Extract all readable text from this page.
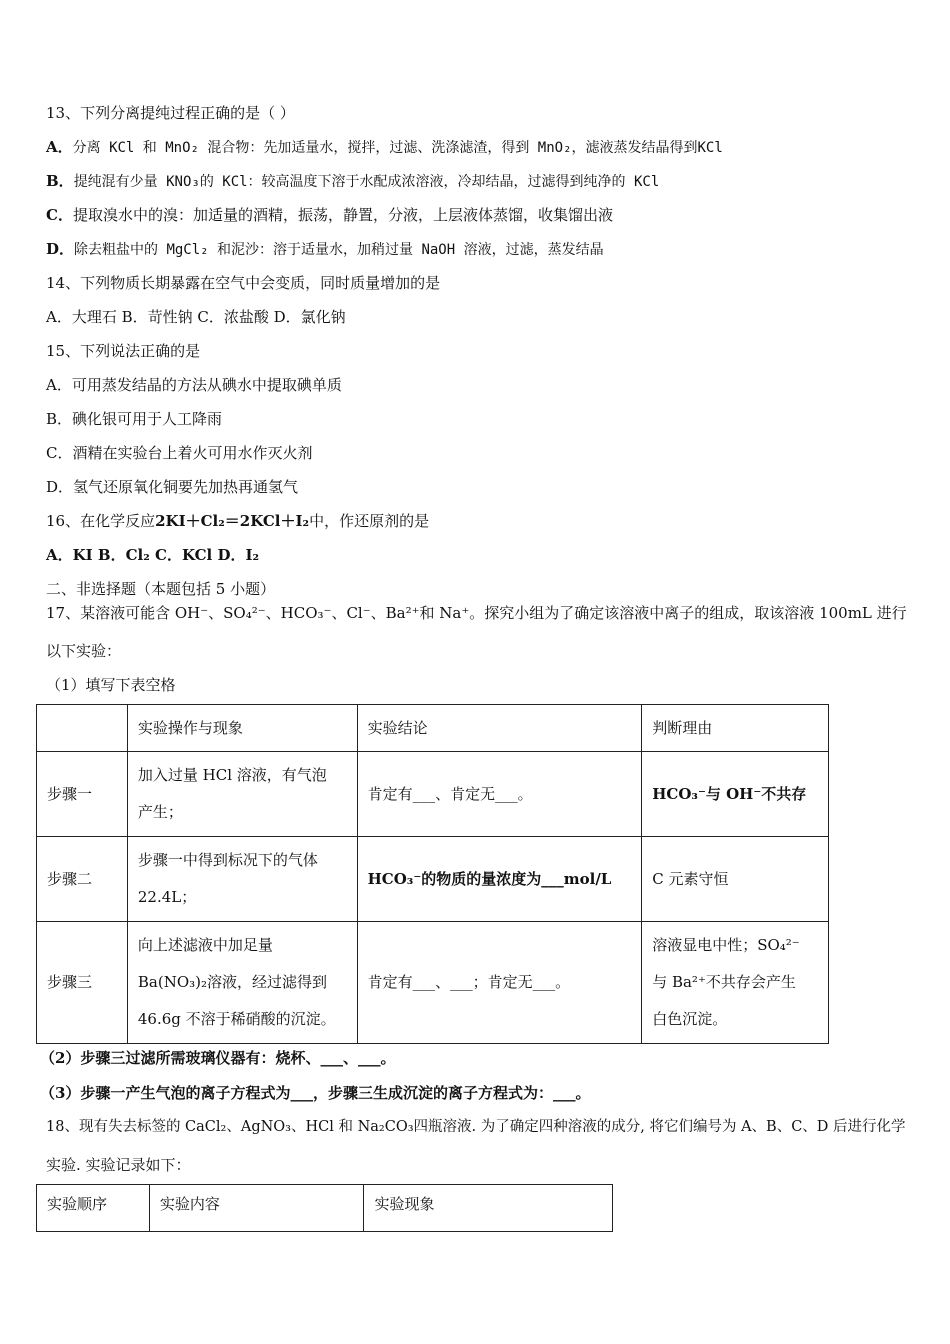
13、下列分离提纯过程正确的是（ ）
A．分离 KCl 和 MnO₂ 混合物：先加适量水，搅拌，过滤、洗涤滤渣，得到 MnO₂，滤液蒸发结晶得到KCl
B．提纯混有少量 KNO₃的 KCl：较高温度下溶于水配成浓溶液，冷却结晶，过滤得到纯净的 KCl
C．提取溴水中的溴：加适量的酒精，振荡，静置，分液，上层液体蒸馏，收集馏出液
D．除去粗盐中的 MgCl₂ 和泥沙：溶于适量水，加稍过量 NaOH 溶液，过滤，蒸发结晶
14、下列物质长期暴露在空气中会变质，同时质量增加的是
A．大理石 B．苛性钠 C．浓盐酸 D．氯化钠
15、下列说法正确的是
A．可用蒸发结晶的方法从碘水中提取碘单质
B．碘化银可用于人工降雨
C．酒精在实验台上着火可用水作灭火剂
D．氢气还原氧化铜要先加热再通氢气
16、在化学反应2KI＋Cl₂＝2KCl＋I₂中，作还原剂的是
A．KI B．Cl₂ C．KCl D．I₂
二、非选择题（本题包括 5 小题）
17、某溶液可能含 OH⁻、SO₄²⁻、HCO₃⁻、Cl⁻、Ba²⁺和 Na⁺。探究小组为了确定该溶液中离子的组成，取该溶液 100mL 进行
以下实验：
（1）填写下表空格
	实验操作与现象	实验结论	判断理由
步骤一	加入过量 HCl 溶液，有气泡
产生；	肯定有___、肯定无___。	HCO₃⁻与 OH⁻不共存
步骤二	步骤一中得到标况下的气体
22.4L；	HCO₃⁻的物质的量浓度为___mol/L	C 元素守恒
步骤三	向上述滤液中加足量
Ba(NO₃)₂溶液，经过滤得到
46.6g 不溶于稀硝酸的沉淀。	肯定有___、___；肯定无___。	溶液显电中性；SO₄²⁻
与 Ba²⁺不共存会产生
白色沉淀。
（2）步骤三过滤所需玻璃仪器有：烧杯、___、___。
（3）步骤一产生气泡的离子方程式为___，步骤三生成沉淀的离子方程式为：___。
18、现有失去标签的 CaCl₂、AgNO₃、HCl 和 Na₂CO₃四瓶溶液. 为了确定四种溶液的成分, 将它们编号为 A、B、C、D 后进行化学
实验. 实验记录如下：
实验顺序	实验内容	实验现象
